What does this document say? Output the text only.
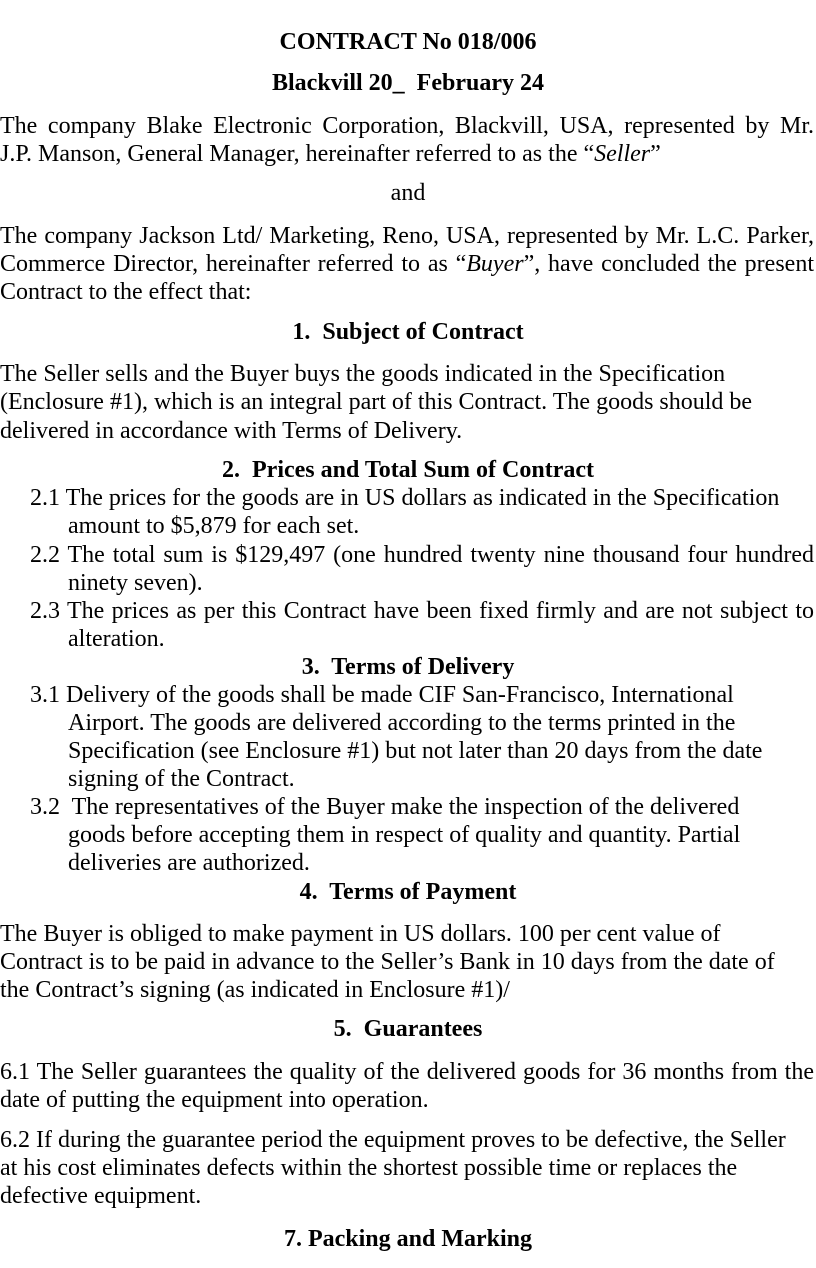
CONTRACT No 018/006
Blackvill 20_  February 24
The company Blake Electronic Corporation, Blackvill, USA, represented by Mr.
J.P. Manson, General Manager, hereinafter referred to as the “Seller”
and
The company Jackson Ltd/ Marketing, Reno, USA, represented by Mr. L.C. Parker,
Commerce Director, hereinafter referred to as “Buyer”, have concluded the present
Contract to the effect that:
1.  Subject of Contract
The Seller sells and the Buyer buys the goods indicated in the Specification
(Enclosure #1), which is an integral part of this Contract. The goods should be
delivered in accordance with Terms of Delivery.
2.  Prices and Total Sum of Contract
2.1 The prices for the goods are in US dollars as indicated in the Specification
amount to $5,879 for each set.
2.2 The total sum is $129,497 (one hundred twenty nine thousand four hundred
ninety seven).
2.3 The prices as per this Contract have been fixed firmly and are not subject to
alteration.
3.  Terms of Delivery
3.1 Delivery of the goods shall be made CIF San-Francisco, International
Airport. The goods are delivered according to the terms printed in the
Specification (see Enclosure #1) but not later than 20 days from the date
signing of the Contract.
3.2  The representatives of the Buyer make the inspection of the delivered
goods before accepting them in respect of quality and quantity. Partial
deliveries are authorized.
4.  Terms of Payment
The Buyer is obliged to make payment in US dollars. 100 per cent value of
Contract is to be paid in advance to the Seller’s Bank in 10 days from the date of
the Contract’s signing (as indicated in Enclosure #1)/
5.  Guarantees
6.1 The Seller guarantees the quality of the delivered goods for 36 months from the
date of putting the equipment into operation.
6.2 If during the guarantee period the equipment proves to be defective, the Seller
at his cost eliminates defects within the shortest possible time or replaces the
defective equipment.
7. Packing and Marking
